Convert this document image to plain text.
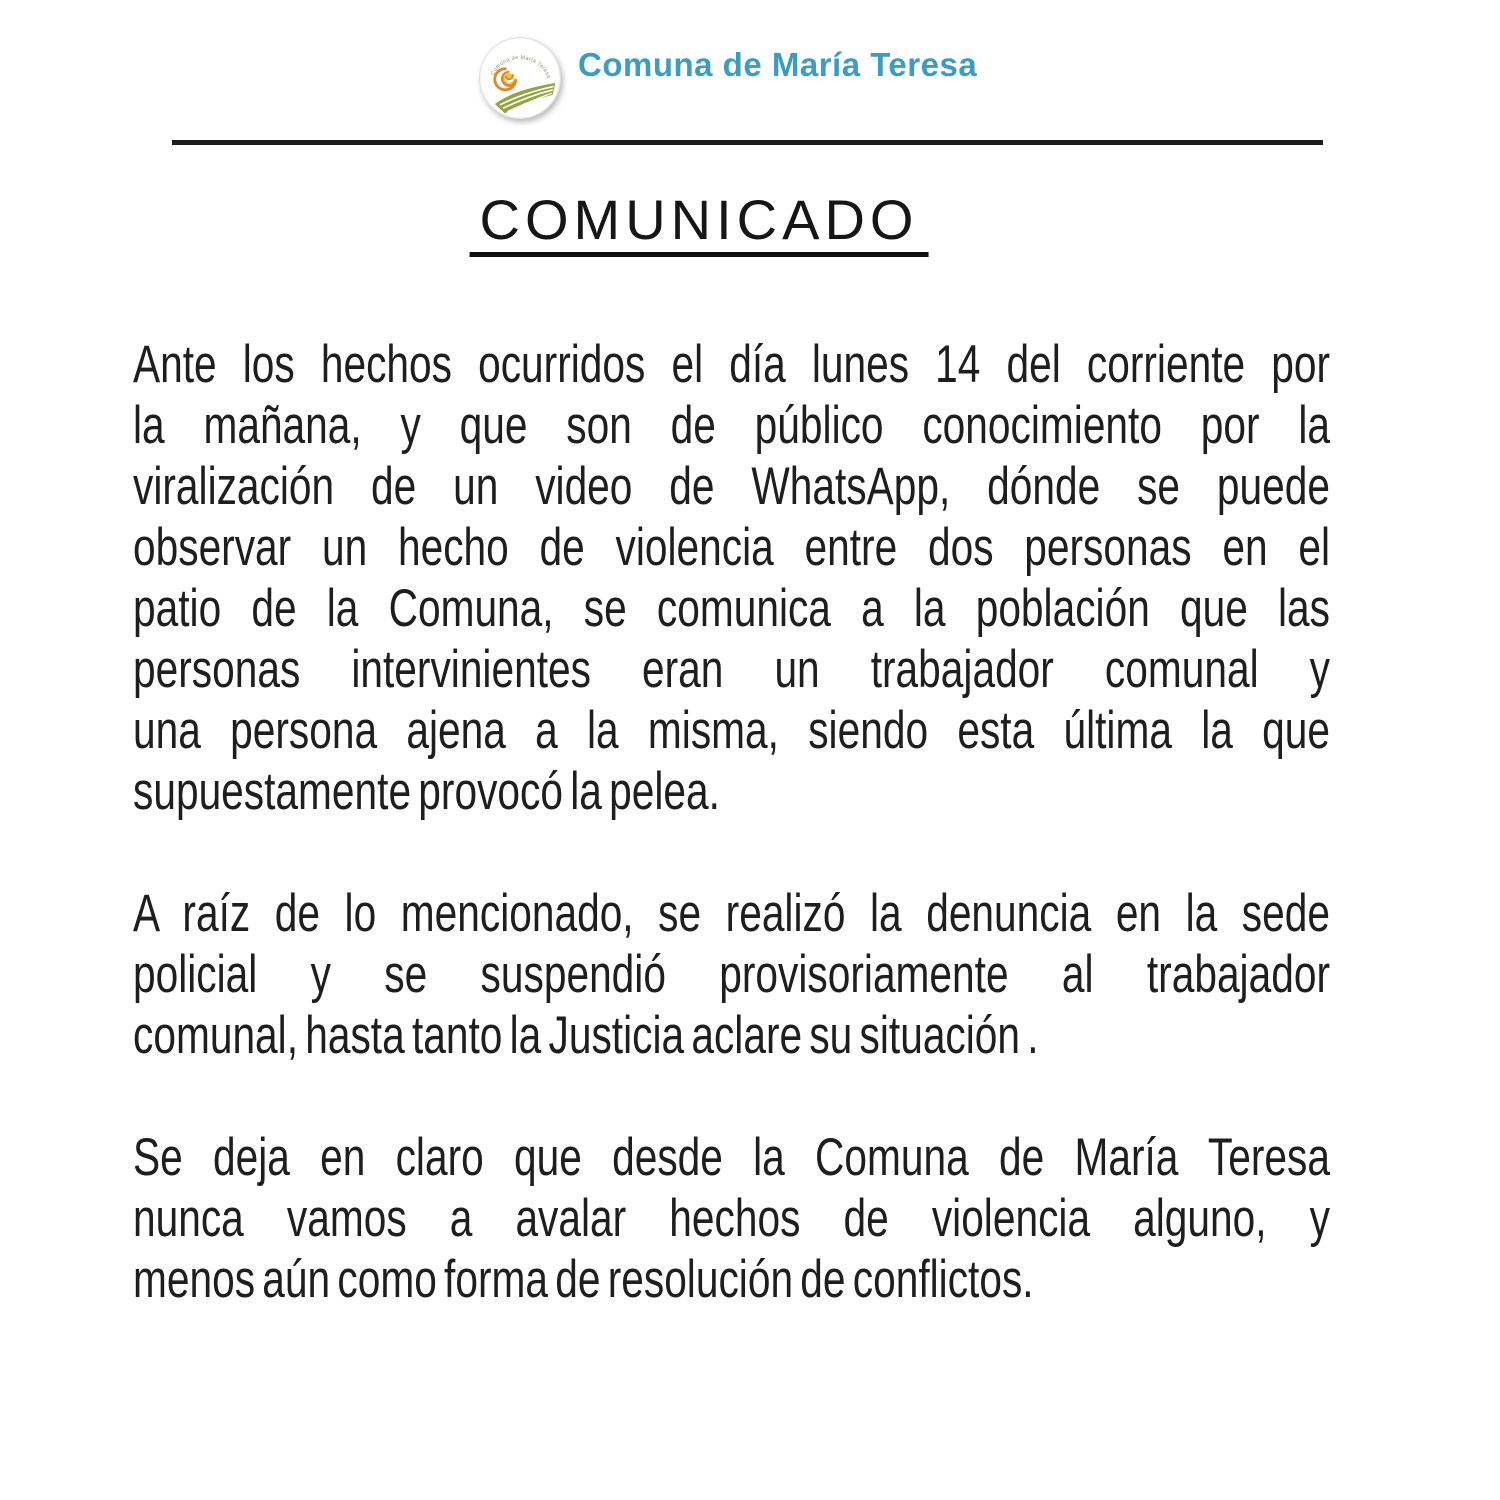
Comuna de María Teresa Comuna de María Teresa
COMUNICADO
Ante los hechos ocurridos el día lunes 14 del corriente por
la mañana, y que son de público conocimiento por la
viralización de un video de WhatsApp, dónde se puede
observar un hecho de violencia entre dos personas en el
patio de la Comuna, se comunica a la población que las
personas intervinientes eran un trabajador comunal y
una persona ajena a la misma, siendo esta última la que
supuestamente provocó la pelea.
A raíz de lo mencionado, se realizó la denuncia en la sede
policial y se suspendió provisoriamente al trabajador
comunal, hasta tanto la Justicia aclare su situación .
Se deja en claro que desde la Comuna de María Teresa
nunca vamos a avalar hechos de violencia alguno, y
menos aún como forma de resolución de conflictos.
